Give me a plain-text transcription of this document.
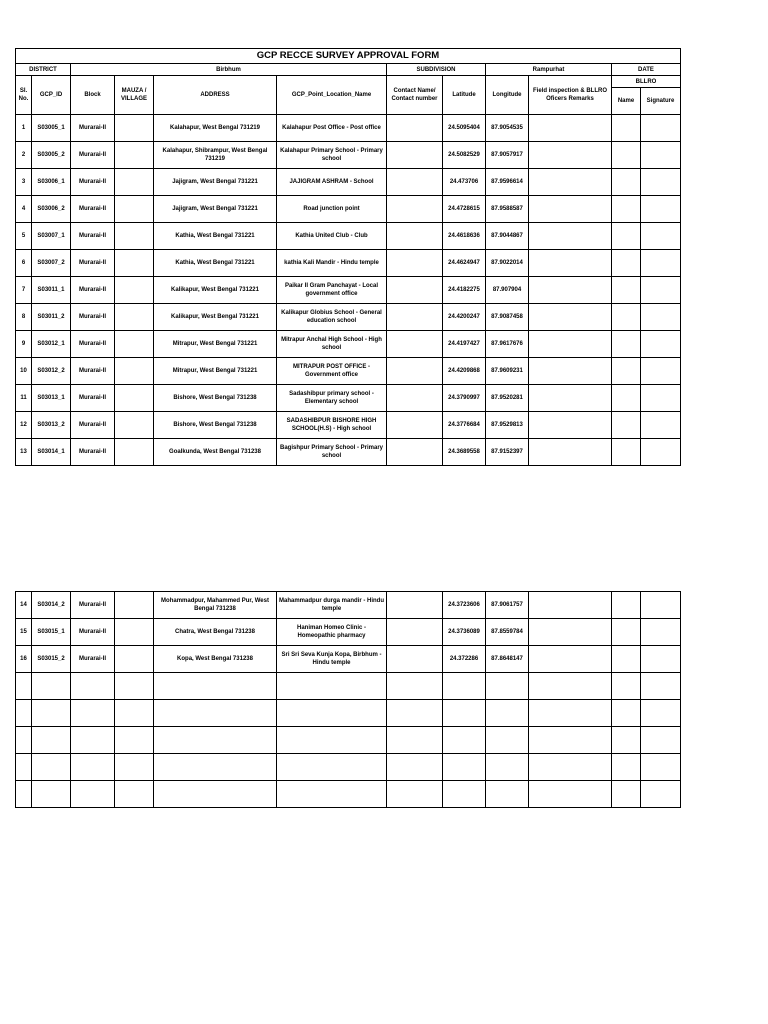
GCP RECCE SURVEY APPROVAL FORM											
DISTRICT		Birbhum				SUBDIVISION		Rampurhat		DATE	
Sl. No.	GCP_ID	Block	MAUZA / VILLAGE	ADDRESS	GCP_Point_Location_Name	Contact Name/ Contact number	Latitude	Longitude	Field inspection & BLLRO Oficers Remarks	BLLRO	
										Name	Signature
1	S03005_1	Murarai-II		Kalahapur, West Bengal 731219	Kalahapur Post Office - Post office		24.5095404	87.9054535			
2	S03005_2	Murarai-II		Kalahapur, Shibrampur, West Bengal 731219	Kalahapur Primary School - Primary school		24.5082529	87.9057917			
3	S03006_1	Murarai-II		Jajigram, West Bengal 731221	JAJIGRAM ASHRAM - School		24.473706	87.9596614			
4	S03006_2	Murarai-II		Jajigram, West Bengal 731221	Road junction point		24.4728615	87.9588587			
5	S03007_1	Murarai-II		Kathia, West Bengal 731221	Kathia United Club - Club		24.4618636	87.9044867			
6	S03007_2	Murarai-II		Kathia, West Bengal 731221	kathia Kali Mandir - Hindu temple		24.4624947	87.9022014			
7	S03011_1	Murarai-II		Kalikapur, West Bengal 731221	Paikar II Gram Panchayat - Local government office		24.4182275	87.907904			
8	S03011_2	Murarai-II		Kalikapur, West Bengal 731221	Kalikapur Globius School - General education school		24.4200247	87.9087458			
9	S03012_1	Murarai-II		Mitrapur, West Bengal 731221	Mitrapur Anchal High School - High school		24.4197427	87.9617676			
10	S03012_2	Murarai-II		Mitrapur, West Bengal 731221	MITRAPUR POST OFFICE - Government office		24.4209868	87.9609231			
11	S03013_1	Murarai-II		Bishore, West Bengal 731238	Sadashibpur primary school - Elementary school		24.3790997	87.9520281			
12	S03013_2	Murarai-II		Bishore, West Bengal 731238	SADASHIBPUR BISHORE HIGH SCHOOL(H.S) - High school		24.3776684	87.9529813			
13	S03014_1	Murarai-II		Goalkunda, West Bengal 731238	Bagishpur Primary School - Primary school		24.3689558	87.9152397			
14	S03014_2	Murarai-II		Mohammadpur, Mahammed Pur, West Bengal 731238	Mahammadpur durga mandir - Hindu temple		24.3723606	87.9061757			
15	S03015_1	Murarai-II		Chatra, West Bengal 731238	Haniman Homeo Clinic - Homeopathic pharmacy		24.3736089	87.8559784			
16	S03015_2	Murarai-II		Kopa, West Bengal 731238	Sri Sri Seva Kunja Kopa, Birbhum - Hindu temple		24.372286	87.8648147			
